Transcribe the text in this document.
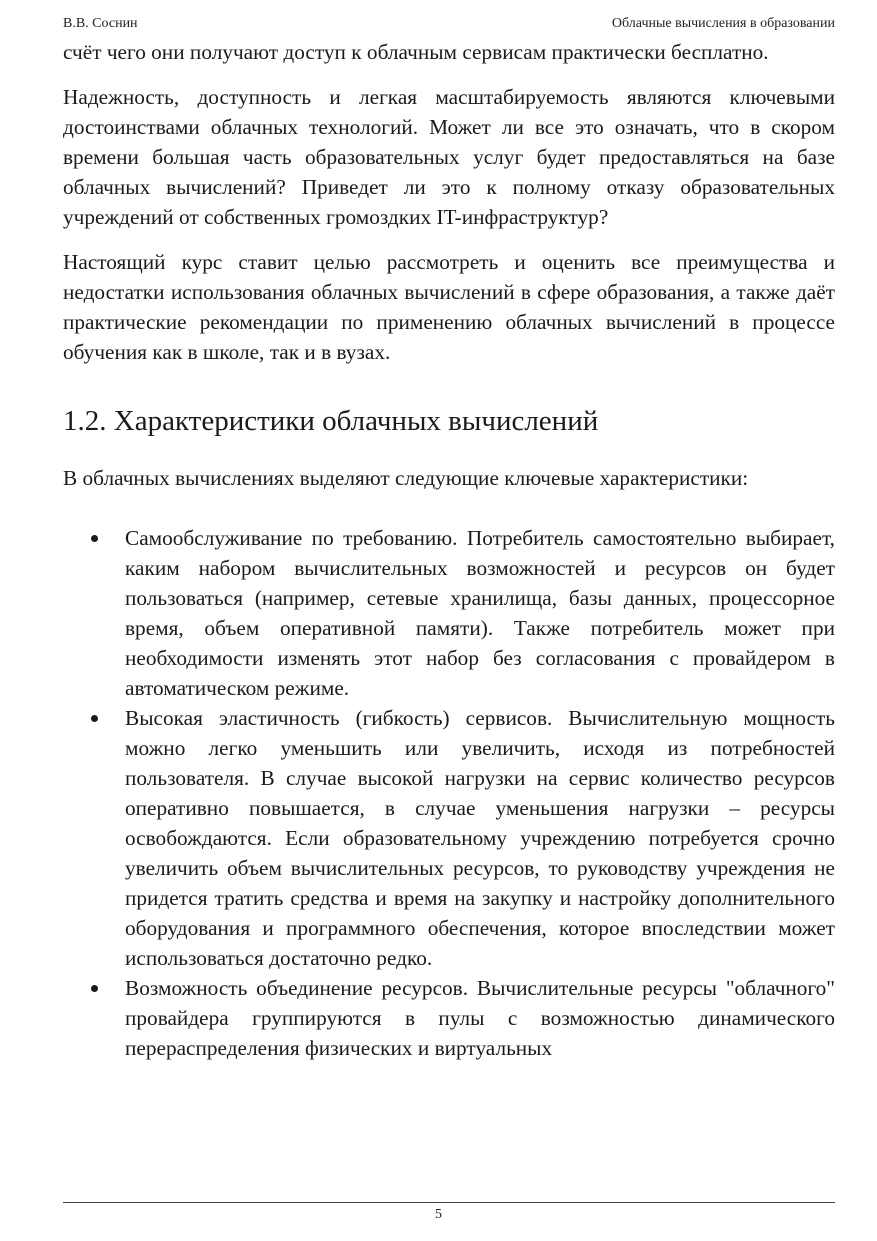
В.В. Соснин	Облачные вычисления в образовании

счёт чего они получают доступ к облачным сервисам практически бесплатно.

Надежность, доступность и легкая масштабируемость являются ключевыми достоинствами облачных технологий. Может ли все это означать, что в скором времени большая часть образовательных услуг будет предоставляться на базе облачных вычислений? Приведет ли это к полному отказу образовательных учреждений от собственных громоздких IT-инфраструктур?

Настоящий курс ставит целью рассмотреть и оценить все преимущества и недостатки использования облачных вычислений в сфере образования, а также даёт практические рекомендации по применению облачных вычислений в процессе обучения как в школе, так и в вузах.

1.2. Характеристики облачных вычислений

В облачных вычислениях выделяют следующие ключевые характеристики:

Самообслуживание по требованию. Потребитель самостоятельно выбирает, каким набором вычислительных возможностей и ресурсов он будет пользоваться (например, сетевые хранилища, базы данных, процессорное время, объем оперативной памяти). Также потребитель может при необходимости изменять этот набор без согласования с провайдером в автоматическом режиме.
Высокая эластичность (гибкость) сервисов. Вычислительную мощность можно легко уменьшить или увеличить, исходя из потребностей пользователя. В случае высокой нагрузки на сервис количество ресурсов оперативно повышается, в случае уменьшения нагрузки – ресурсы освобождаются. Если образовательному учреждению потребуется срочно увеличить объем вычислительных ресурсов, то руководству учреждения не придется тратить средства и время на закупку и настройку дополнительного оборудования и программного обеспечения, которое впоследствии может использоваться достаточно редко.
Возможность объединение ресурсов. Вычислительные ресурсы "облачного" провайдера группируются в пулы с возможностью динамического перераспределения физических и виртуальных
5
